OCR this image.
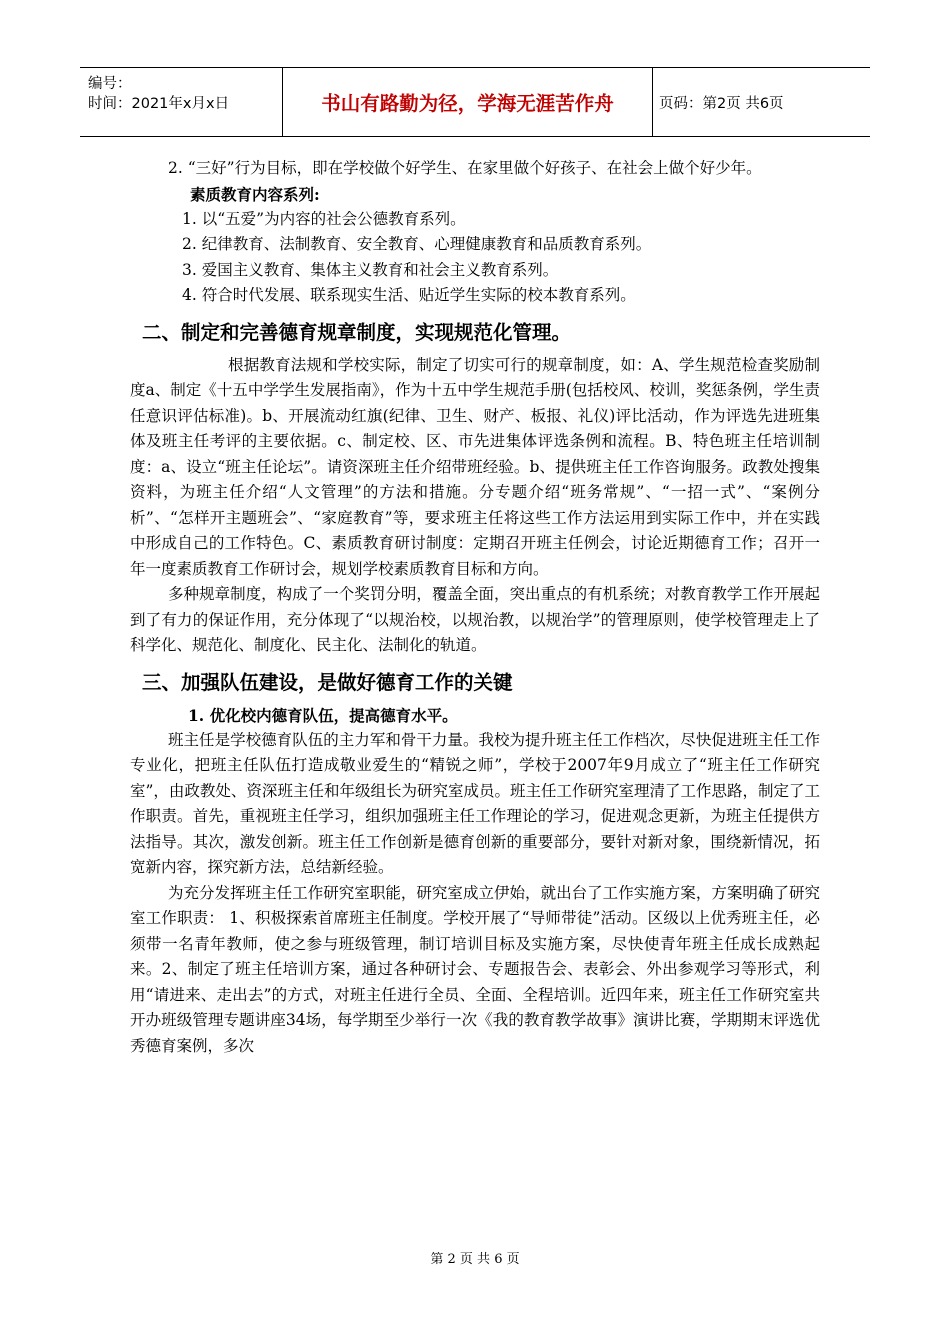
编号：
时间：2021年x月x日	书山有路勤为径，学海无涯苦作舟	页码：第2页 共6页

2. “三好”行为目标，即在学校做个好学生、在家里做个好孩子、在社会上做个好少年。

素质教育内容系列:

1. 以“五爱”为内容的社会公德教育系列。

2. 纪律教育、法制教育、安全教育、心理健康教育和品质教育系列。

3. 爱国主义教育、集体主义教育和社会主义教育系列。

4. 符合时代发展、联系现实生活、贴近学生实际的校本教育系列。

二、制定和完善德育规章制度，实现规范化管理。

根据教育法规和学校实际，制定了切实可行的规章制度，如：A、学生规范检查奖励制度a、制定《十五中学学生发展指南》，作为十五中学生规范手册(包括校风、校训，奖惩条例，学生责任意识评估标准)。b、开展流动红旗(纪律、卫生、财产、板报、礼仪)评比活动，作为评选先进班集体及班主任考评的主要依据。c、制定校、区、市先进集体评选条例和流程。B、特色班主任培训制度：a、设立“班主任论坛”。请资深班主任介绍带班经验。b、提供班主任工作咨询服务。政教处搜集资料，为班主任介绍“人文管理”的方法和措施。分专题介绍“班务常规”、“一招一式”、“案例分析”、“怎样开主题班会”、“家庭教育”等，要求班主任将这些工作方法运用到实际工作中，并在实践中形成自己的工作特色。C、素质教育研讨制度：定期召开班主任例会，讨论近期德育工作；召开一年一度素质教育工作研讨会，规划学校素质教育目标和方向。

多种规章制度，构成了一个奖罚分明，覆盖全面，突出重点的有机系统；对教育教学工作开展起到了有力的保证作用，充分体现了“以规治校，以规治教，以规治学”的管理原则，使学校管理走上了科学化、规范化、制度化、民主化、法制化的轨道。

三、加强队伍建设，是做好德育工作的关键
1. 优化校内德育队伍，提高德育水平。

班主任是学校德育队伍的主力军和骨干力量。我校为提升班主任工作档次，尽快促进班主任工作专业化，把班主任队伍打造成敬业爱生的“精锐之师”，学校于2007年9月成立了“班主任工作研究室”，由政教处、资深班主任和年级组长为研究室成员。班主任工作研究室理清了工作思路，制定了工作职责。首先，重视班主任学习，组织加强班主任工作理论的学习，促进观念更新，为班主任提供方法指导。其次，激发创新。班主任工作创新是德育创新的重要部分，要针对新对象，围绕新情况，拓宽新内容，探究新方法，总结新经验。

为充分发挥班主任工作研究室职能，研究室成立伊始，就出台了工作实施方案，方案明确了研究室工作职责： 1、积极探索首席班主任制度。学校开展了“导师带徒”活动。区级以上优秀班主任，必须带一名青年教师，使之参与班级管理，制订培训目标及实施方案，尽快使青年班主任成长成熟起来。2、制定了班主任培训方案，通过各种研讨会、专题报告会、表彰会、外出参观学习等形式，利用“请进来、走出去”的方式，对班主任进行全员、全面、全程培训。近四年来，班主任工作研究室共开办班级管理专题讲座34场，每学期至少举行一次《我的教育教学故事》演讲比赛，学期期末评选优秀德育案例，多次

第 2 页 共 6 页
